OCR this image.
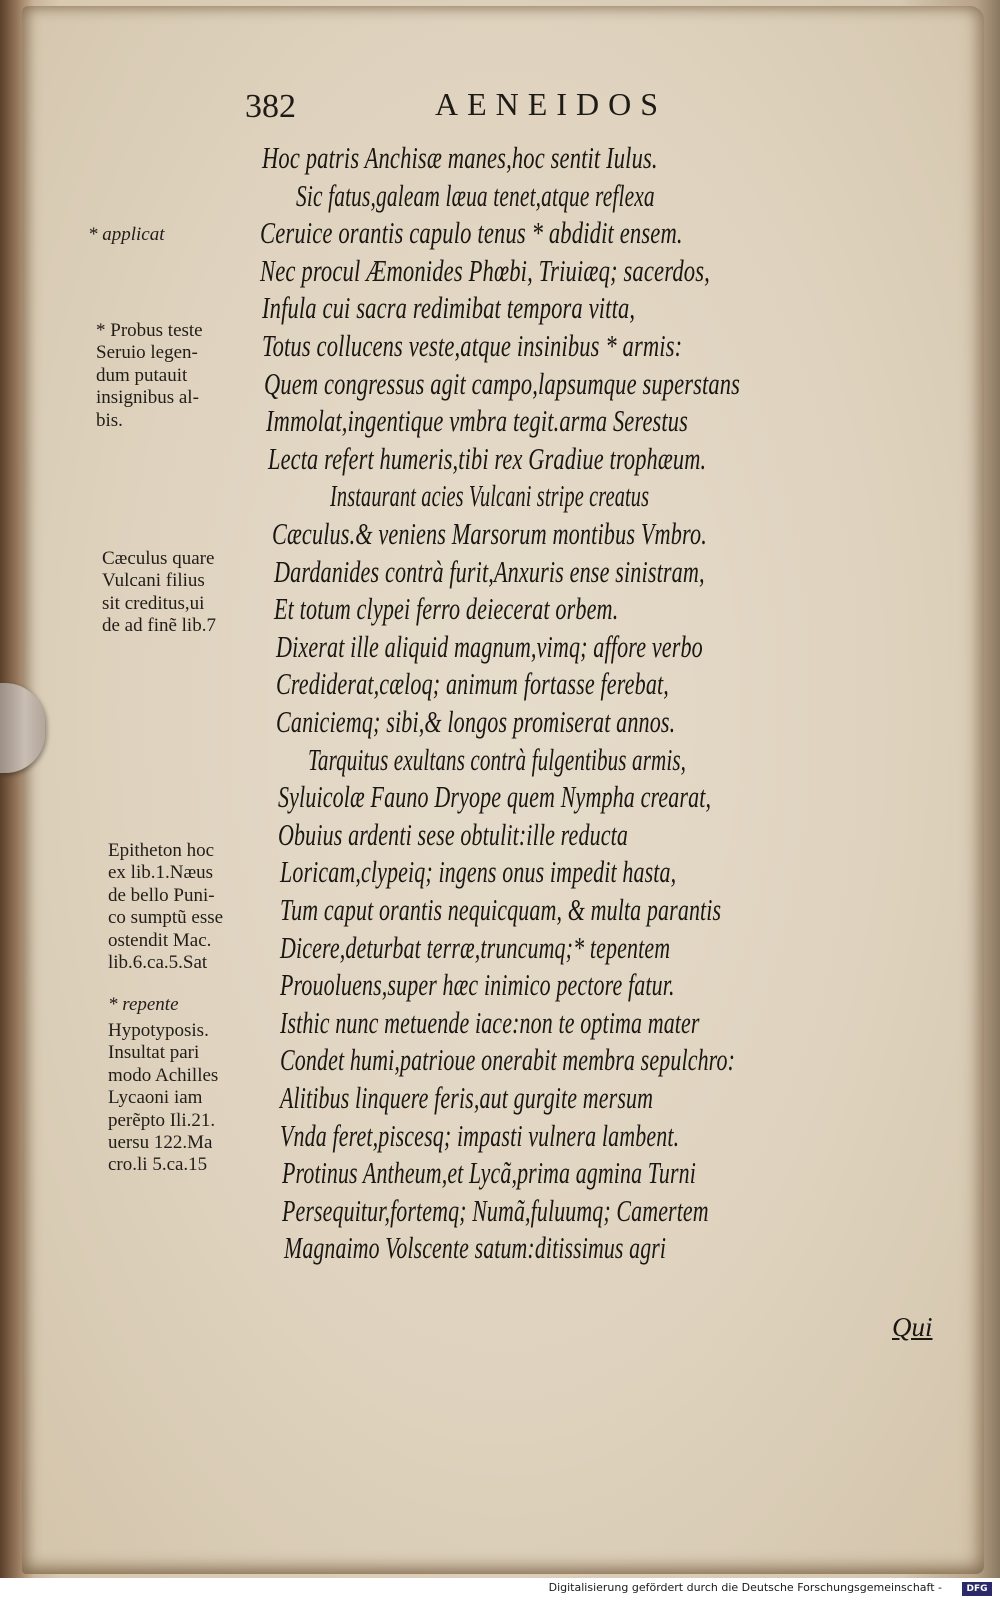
382	AENEIDOS
Hoc patris Anchisæ manes,hoc sentit Iulus.
Sic fatus,galeam læua tenet,atque reflexa
Ceruice orantis capulo tenus * abdidit ensem.
Nec procul Æmonides Phœbi, Triuiæq; sacerdos,
Infula cui sacra redimibat tempora vitta,
Totus collucens veste,atque insinibus * armis:
Quem congressus agit campo,lapsumque superstans
Immolat,ingentique vmbra tegit.arma Serestus
Lecta refert humeris,tibi rex Gradiue trophæum.
Instaurant acies Vulcani stripe creatus
Cæculus.& veniens Marsorum montibus Vmbro.
Dardanides contrà furit,Anxuris ense sinistram,
Et totum clypei ferro deiecerat orbem.
Dixerat ille aliquid magnum,vimq; affore verbo
Crediderat,cæloq; animum fortasse ferebat,
Caniciemq; sibi,& longos promiserat annos.
Tarquitus exultans contrà fulgentibus armis,
Syluicolæ Fauno Dryope quem Nympha crearat,
Obuius ardenti sese obtulit:ille reducta
Loricam,clypeiq; ingens onus impedit hasta,
Tum caput orantis nequicquam, & multa parantis
Dicere,deturbat terræ,truncumq;* tepentem
Prouoluens,super hæc inimico pectore fatur.
Isthic nunc metuende iace:non te optima mater
Condet humi,patrioue onerabit membra sepulchro:
Alitibus linquere feris,aut gurgite mersum
Vnda feret,piscesq; impasti vulnera lambent.
Protinus Antheum,et Lycã,prima agmina Turni
Persequitur,fortemq; Numã,fuluumq; Camertem
Magnaimo Volscente satum:ditissimus agri
* applicat
* Probus teste
Seruio legen-
dum putauit
insignibus al-
bis.
Cæculus quare
Vulcani filius
sit creditus,ui
de ad finẽ lib.7
Epitheton hoc
ex lib.1.Næus
de bello Puni-
co sumptũ esse
ostendit Mac.
lib.6.ca.5.Sat
* repente
Hypotyposis.
Insultat pari
modo Achilles
Lycaoni iam
perẽpto Ili.21.
uersu 122.Ma
cro.li 5.ca.15
Qui
Digitalisierung gefördert durch die Deutsche Forschungsgemeinschaft -	DFG
